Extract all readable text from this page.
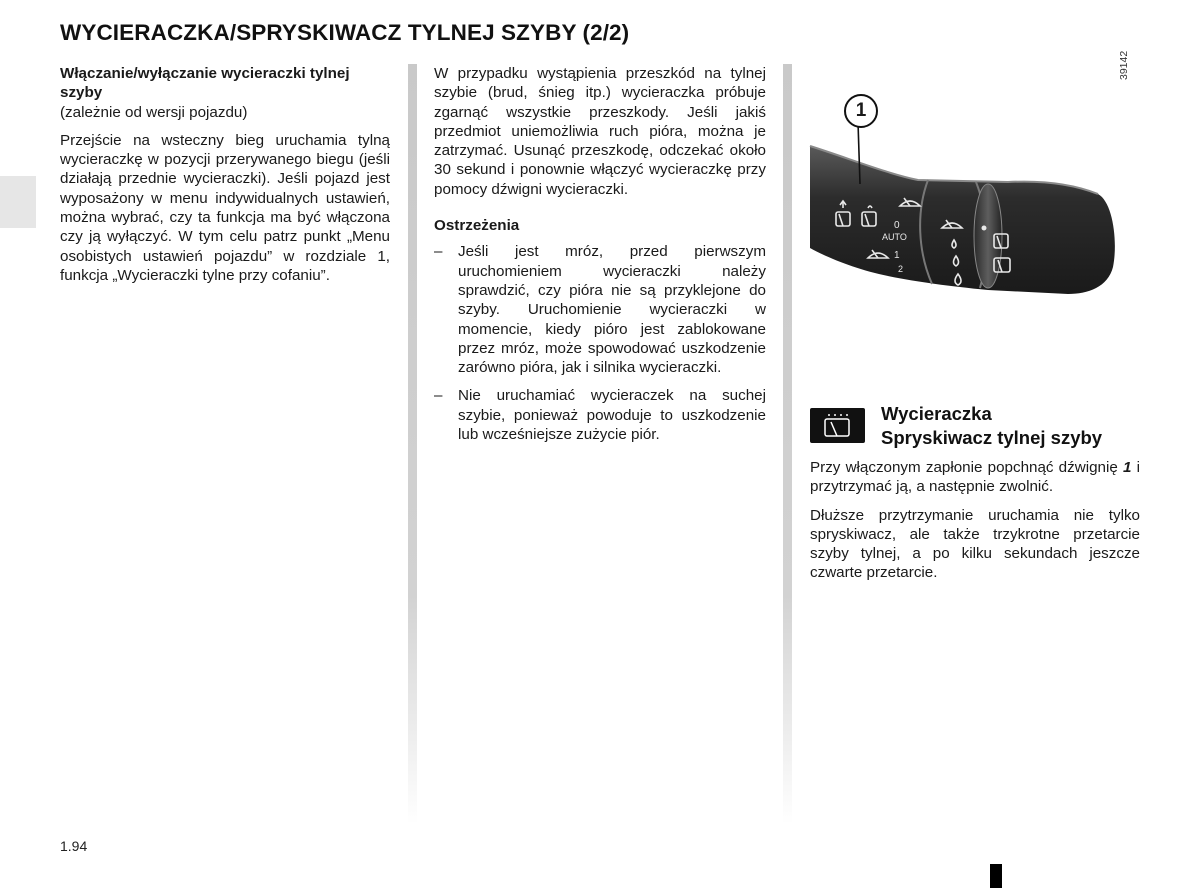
WYCIERACZKA/SPRYSKIWACZ TYLNEJ SZYBY (2/2)

Włączanie/wyłączanie wycieraczki tylnej szyby

(zależnie od wersji pojazdu)

Przejście na wsteczny bieg uruchamia tylną wycieraczkę w pozycji przerywanego biegu (jeśli działają przednie wycieraczki). Jeśli pojazd jest wyposażony w menu indywidualnych ustawień, można wybrać, czy ta funkcja ma być włączona czy ją wyłączyć. W tym celu patrz punkt „Menu osobistych ustawień pojazdu” w rozdziale 1, funkcja „Wycieraczki tylne przy cofaniu”.

W przypadku wystąpienia przeszkód na tylnej szybie (brud, śnieg itp.) wycieraczka próbuje zgarnąć wszystkie przeszkody. Jeśli jakiś przedmiot uniemożliwia ruch pióra, można je zatrzymać. Usunąć przeszkodę, odczekać około 30 sekund i ponownie włączyć wycieraczkę przy pomocy dźwigni wycieraczki.

Ostrzeżenia

– Jeśli jest mróz, przed pierwszym uruchomieniem wycieraczki należy sprawdzić, czy pióra nie są przyklejone do szyby. Uruchomienie wycieraczki w momencie, kiedy pióro jest zablokowane przez mróz, może spowodować uszkodzenie zarówno pióra, jak i silnika wycieraczki.
– Nie uruchamiać wycieraczek na suchej szybie, ponieważ powoduje to uszkodzenie lub wcześniejsze zużycie piór.
0
AUTO
1
2
1
39142
Wycieraczka
Spryskiwacz tylnej szyby

Przy włączonym zapłonie popchnąć dźwignię 1 i przytrzymać ją, a następnie zwolnić.

Dłuższe przytrzymanie uruchamia nie tylko spryskiwacz, ale także trzykrotne przetarcie szyby tylnej, a po kilku sekundach jeszcze czwarte przetarcie.

1.94
